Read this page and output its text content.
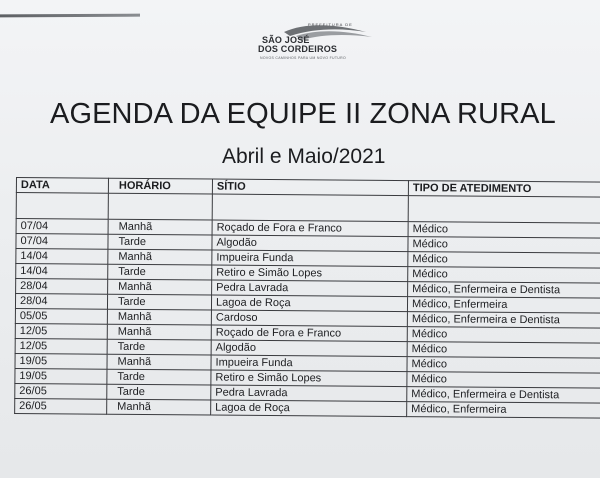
PREFEITURA DE
SÃO JOSÉ
DOS CORDEIROS
NOVOS CAMINHOS PARA UM NOVO FUTURO
AGENDA DA EQUIPE II ZONA RURAL
Abril e Maio/2021
DATA	HORÁRIO	SÍTIO	TIPO DE ATEDIMENTO

07/04	Manhã	Roçado de Fora e Franco	Médico
07/04	Tarde	Algodão	Médico
14/04	Manhã	Impueira Funda	Médico
14/04	Tarde	Retiro e Simão Lopes	Médico
28/04	Manhã	Pedra Lavrada	Médico, Enfermeira e Dentista
28/04	Tarde	Lagoa de Roça	Médico, Enfermeira
05/05	Manhã	Cardoso	Médico, Enfermeira e Dentista
12/05	Manhã	Roçado de Fora e Franco	Médico
12/05	Tarde	Algodão	Médico
19/05	Manhã	Impueira Funda	Médico
19/05	Tarde	Retiro e Simão Lopes	Médico
26/05	Tarde	Pedra Lavrada	Médico, Enfermeira e Dentista
26/05	Manhã	Lagoa de Roça	Médico, Enfermeira
